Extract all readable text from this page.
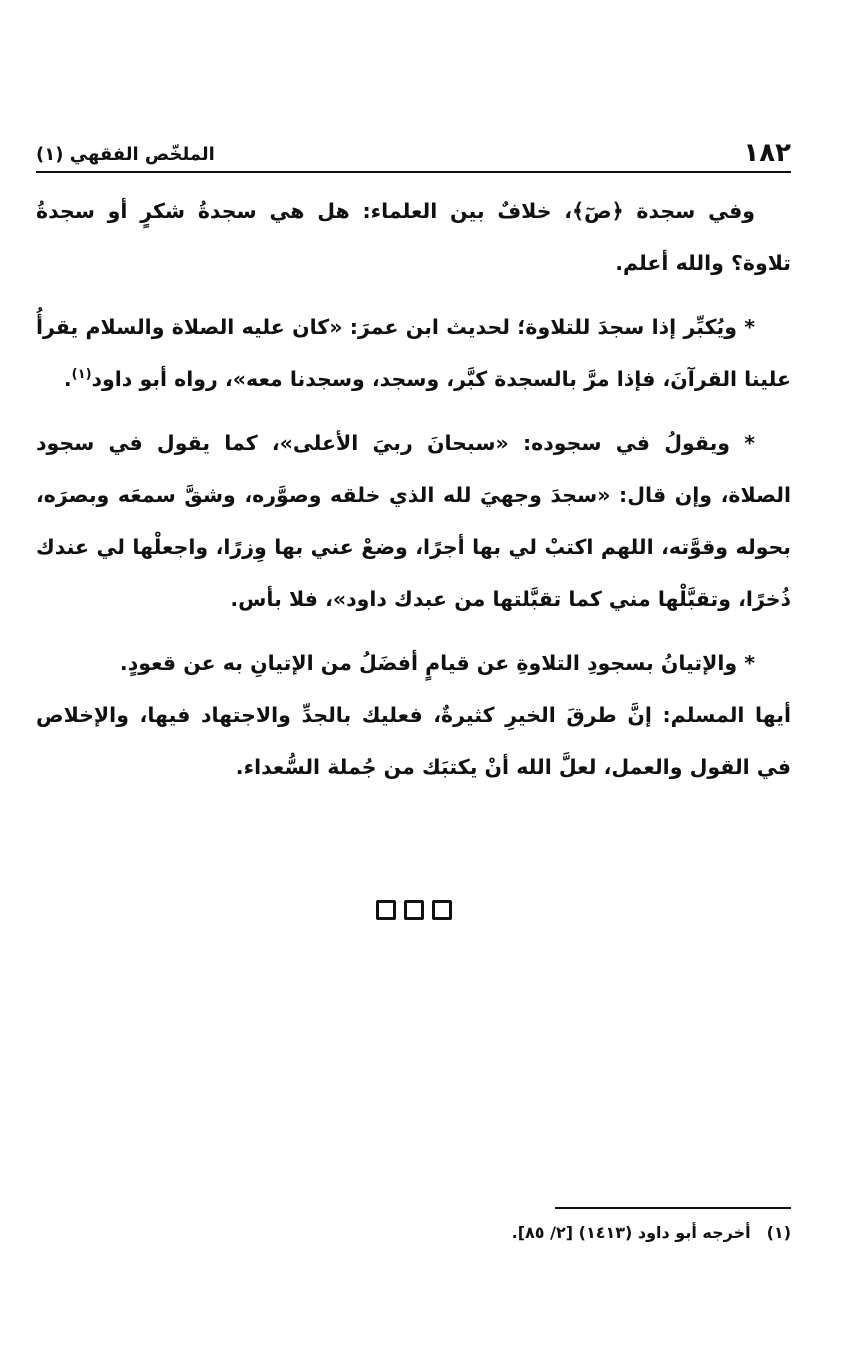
١٨٢
الملخّص الفقهي (١)

وفي سجدة ﴿صٓ﴾، خلافٌ بين العلماء: هل هي سجدةُ شكرٍ أو سجدةُ تلاوة؟ والله أعلم.

* ويُكبِّر إذا سجدَ للتلاوة؛ لحديث ابن عمرَ: «كان عليه الصلاة والسلام يقرأُ علينا القرآنَ، فإذا مرَّ بالسجدة كبَّر، وسجد، وسجدنا معه»، رواه أبو داود$^{(١)}$.

* ويقولُ في سجوده: «سبحانَ ربيَ الأعلى»، كما يقول في سجود الصلاة، وإن قال: «سجدَ وجهيَ لله الذي خلقه وصوَّره، وشقَّ سمعَه وبصرَه، بحوله وقوَّته، اللهم اكتبْ لي بها أجرًا، وضعْ عني بها وِزرًا، واجعلْها لي عندك ذُخرًا، وتقبَّلْها مني كما تقبَّلتها من عبدك داود»، فلا بأس.

* والإتيانُ بسجودِ التلاوةِ عن قيامٍ أفضَلُ من الإتيانِ به عن قعودٍ.

أيها المسلم: إنَّ طرقَ الخيرِ كثيرةٌ، فعليك بالجدِّ والاجتهاد فيها، والإخلاص في القول والعمل، لعلَّ الله أنْ يكتبَك من جُملة السُّعداء.

(١)أخرجه أبو داود (١٤١٣) [٢/ ٨٥].
